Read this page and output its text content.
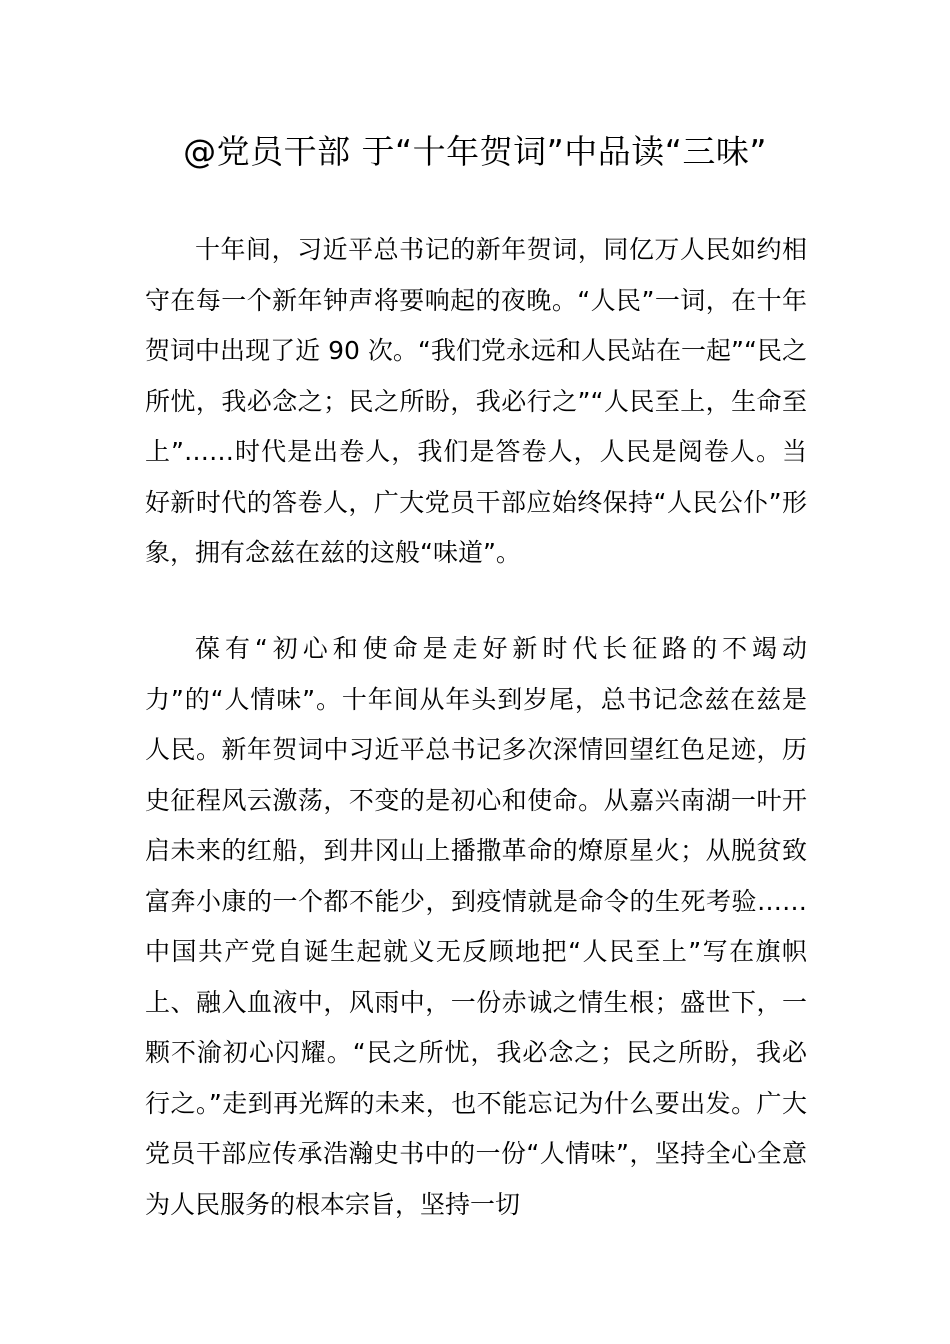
@党员干部 于“十年贺词”中品读“三味”

十年间，习近平总书记的新年贺词，同亿万人民如约相守在每一个新年钟声将要响起的夜晚。“人民”一词，在十年贺词中出现了近 90 次。“我们党永远和人民站在一起”“民之所忧，我必念之；民之所盼，我必行之”“人民至上，生命至上”……时代是出卷人，我们是答卷人，人民是阅卷人。当好新时代的答卷人，广大党员干部应始终保持“人民公仆”形象，拥有念兹在兹的这般“味道”。

葆有“初心和使命是走好新时代长征路的不竭动力”的“人情味”。十年间从年头到岁尾，总书记念兹在兹是人民。新年贺词中习近平总书记多次深情回望红色足迹，历史征程风云激荡，不变的是初心和使命。从嘉兴南湖一叶开启未来的红船，到井冈山上播撒革命的燎原星火；从脱贫致富奔小康的一个都不能少，到疫情就是命令的生死考验……中国共产党自诞生起就义无反顾地把“人民至上”写在旗帜上、融入血液中，风雨中，一份赤诚之情生根；盛世下，一颗不渝初心闪耀。“民之所忧，我必念之；民之所盼，我必行之。”走到再光辉的未来，也不能忘记为什么要出发。广大党员干部应传承浩瀚史书中的一份“人情味”，坚持全心全意为人民服务的根本宗旨，坚持一切
